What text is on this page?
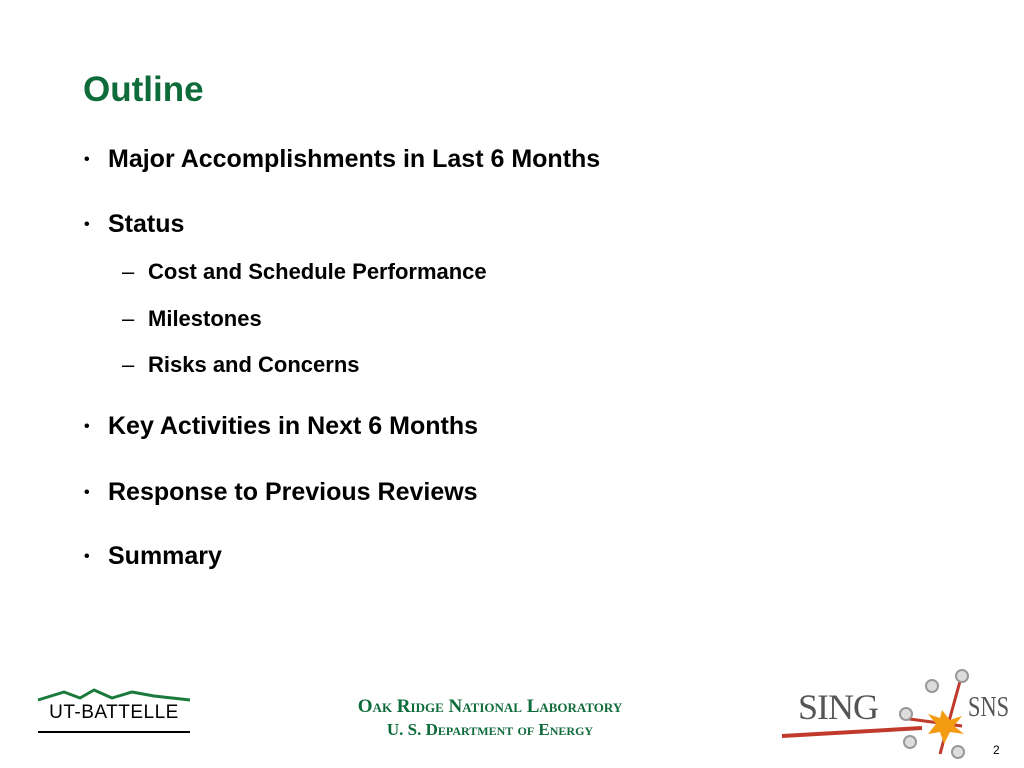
Outline
• Major Accomplishments in Last 6 Months
• Status
– Cost and Schedule Performance
– Milestones
– Risks and Concerns
• Key Activities in Next 6 Months
• Response to Previous Reviews
• Summary
UT-BATTELLE	Oak Ridge National Laboratory
U. S. Department of Energy
SING	SNS
2
